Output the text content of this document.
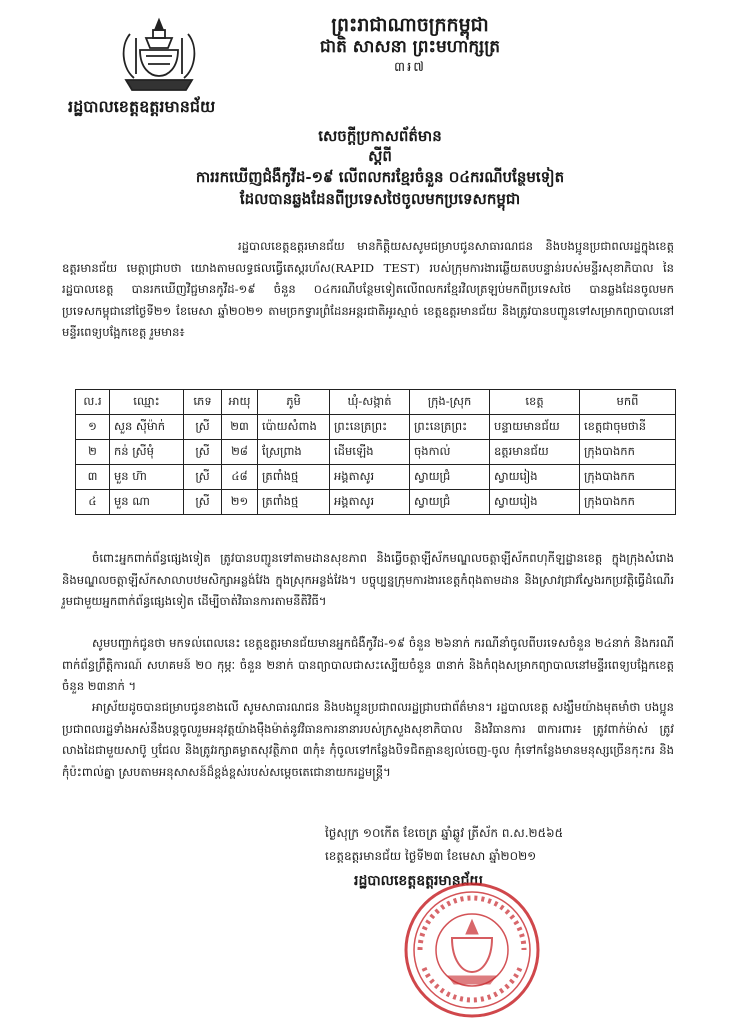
ព្រះរាជាណាចក្រកម្ពុជា
ជាតិ សាសនា ព្រះមហាក្សត្រ
៣៛៧
រដ្ឋបាលខេត្តឧត្ដរមានជ័យ
សេចក្ដីប្រកាសព័ត៌មាន
ស្ដីពី
ការរកឃើញជំងឺកូវីដ-១៩ លើពលករខ្មែរចំនួន ០៤ករណីបន្ថែមទៀត
ដែលបានឆ្លងដែនពីប្រទេសថៃចូលមកប្រទេសកម្ពុជា
រដ្ឋបាលខេត្តឧត្ដរមានជ័យ មានកិត្តិយសសូមជម្រាបជូនសាធារណជន និងបងប្អូនប្រជាពលរដ្ឋក្នុងខេត្តឧត្ដរមានជ័យ មេត្តាជ្រាបថា យោងតាមលទ្ធផលធ្វើតេស្តរហ័ស(RAPID TEST) របស់ក្រុមការងារឆ្លើយតបបន្ទាន់របស់មន្ទីរសុខាភិបាល នៃរដ្ឋបាលខេត្ត បានរកឃើញវិជ្ជមានកូវីដ-១៩ ចំនួន ០៤ករណីបន្ថែមទៀតលើពលករខ្មែរវិលត្រឡប់មកពីប្រទេសថៃ បានឆ្លងដែនចូលមកប្រទេសកម្ពុជានៅថ្ងៃទី២១ ខែមេសា ឆ្នាំ២០២១ តាមច្រកទ្វារព្រំដែនអន្តរជាតិអូរស្មាច់ ខេត្តឧត្ដរមានជ័យ និងត្រូវបានបញ្ជូនទៅសម្រាកព្យាបាលនៅមន្ទីរពេទ្យបង្អែកខេត្ត រួមមាន៖
ល.រ	ឈ្មោះ	ភេទ	អាយុ	ភូមិ	ឃុំ-សង្កាត់	ក្រុង-ស្រុក	ខេត្ត	មកពី
១	សួន ស៊ីម៉ាក់	ស្រី	២៣	ប៉ោយសំពាង	ព្រះនេត្រព្រះ	ព្រះនេត្រព្រះ	បន្ទាយមានជ័យ	ខេត្តជាចុមថានី
២	កន់ ស្រីមុំ	ស្រី	២៨	ស្រែព្រាង	ដើមឡើង	ចុងកាល់	ឧត្ដរមានជ័យ	ក្រុងបាងកក
៣	មួន ហ៊ា	ស្រី	៤៨	ត្រពាំងថ្ម	អង្គតាសូរ	ស្វាយជ្រំ	ស្វាយរៀង	ក្រុងបាងកក
៤	មួន ណា	ស្រី	២១	ត្រពាំងថ្ម	អង្គតាសូរ	ស្វាយជ្រំ	ស្វាយរៀង	ក្រុងបាងកក
ចំពោះអ្នកពាក់ព័ន្ធផ្សេងទៀត ត្រូវបានបញ្ជូនទៅតាមដានសុខភាព និងធ្វើចត្តាឡីស័កមណ្ឌលចត្តាឡីស័កពហុកីឡដ្ឋានខេត្ត ក្នុងក្រុងសំរោង និងមណ្ឌលចត្តាឡីស័កសាលាបឋមសិក្សាអន្លង់វែង ក្នុងស្រុកអន្លង់វែង។ បច្ចុប្បន្នក្រុមការងារខេត្តកំពុងតាមដាន និងស្រាវជ្រាវស្វែងរកប្រវត្តិធ្វើដំណើររួមជាមួយអ្នកពាក់ព័ន្ធផ្សេងទៀត ដើម្បីចាត់វិធានការតាមនីតិវិធី។
សូមបញ្ជាក់ជូនថា មកទល់ពេលនេះ ខេត្តឧត្ដរមានជ័យមានអ្នកជំងឺកូវីដ-១៩ ចំនួន ២៦នាក់ ករណីនាំចូលពីបរទេសចំនួន ២៤នាក់ និងករណីពាក់ព័ន្ធព្រឹត្តិការណ៍ សហគមន៍ ២០ កុម្ភៈ ចំនួន ២នាក់ បានព្យាបាលជាសះស្បើយចំនួន ៣នាក់ និងកំពុងសម្រាកព្យាបាលនៅមន្ទីរពេទ្យបង្អែកខេត្តចំនួន ២៣នាក់ ។
អាស្រ័យដូចបានជម្រាបជូនខាងលើ សូមសាធារណជន និងបងប្អូនប្រជាពលរដ្ឋជ្រាបជាព័ត៌មាន។ រដ្ឋបាលខេត្ត សង្ឃឹមយ៉ាងមុតមាំថា បងប្អូនប្រជាពលរដ្ឋទាំងអស់នឹងបន្តចូលរួមអនុវត្តយ៉ាងម៉ឺងម៉ាត់នូវវិធានការនានារបស់ក្រសួងសុខាភិបាល និងវិធានការ ៣ការពារ៖ ត្រូវពាក់ម៉ាស់ ត្រូវលាងដៃជាមួយសាប៊ូ ឬជែល និងត្រូវរក្សាគម្លាតសុវត្ថិភាព ៣កុំ៖ កុំចូលទៅកន្លែងបិទជិតគ្មានខ្យល់ចេញ-ចូល កុំទៅកន្លែងមានមនុស្សច្រើនកុះករ និងកុំប៉ះពាល់គ្នា ស្របតាមអនុសាសន៍ដ៏ខ្ពង់ខ្ពស់របស់សម្ដេចតេជោនាយករដ្ឋមន្ត្រី។
ថ្ងៃសុក្រ ១០កើត ខែចេត្រ ឆ្នាំឆ្លូវ ត្រីស័ក ព.ស.២៥៦៥
ខេត្តឧត្ដរមានជ័យ ថ្ងៃទី២៣ ខែមេសា ឆ្នាំ២០២១
រដ្ឋបាលខេត្តឧត្ដរមានជ័យ
